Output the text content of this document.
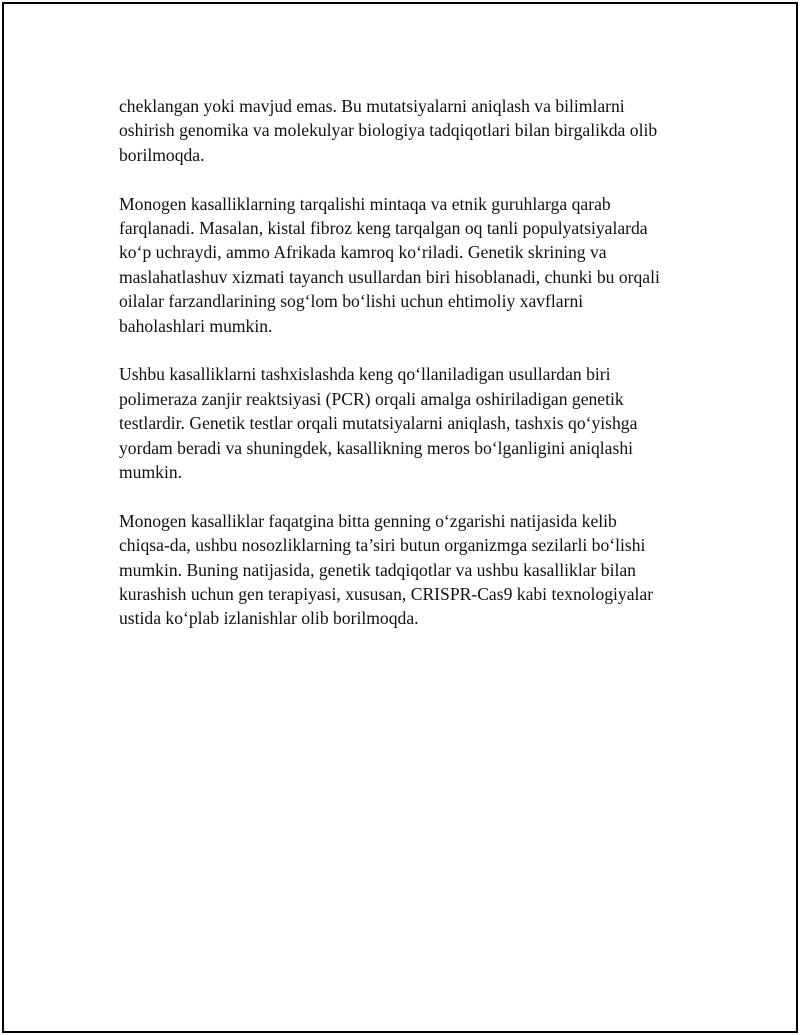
cheklangan yoki mavjud emas. Bu mutatsiyalarni aniqlash va bilimlarni
oshirish genomika va molekulyar biologiya tadqiqotlari bilan birgalikda olib
borilmoqda.

Monogen kasalliklarning tarqalishi mintaqa va etnik guruhlarga qarab
farqlanadi. Masalan, kistal fibroz keng tarqalgan oq tanli populyatsiyalarda
ko‘p uchraydi, ammo Afrikada kamroq ko‘riladi. Genetik skrining va
maslahatlashuv xizmati tayanch usullardan biri hisoblanadi, chunki bu orqali
oilalar farzandlarining sog‘lom bo‘lishi uchun ehtimoliy xavflarni
baholashlari mumkin.

Ushbu kasalliklarni tashxislashda keng qo‘llaniladigan usullardan biri
polimeraza zanjir reaktsiyasi (PCR) orqali amalga oshiriladigan genetik
testlardir. Genetik testlar orqali mutatsiyalarni aniqlash, tashxis qo‘yishga
yordam beradi va shuningdek, kasallikning meros bo‘lganligini aniqlashi
mumkin.

Monogen kasalliklar faqatgina bitta genning o‘zgarishi natijasida kelib
chiqsa-da, ushbu nosozliklarning ta’siri butun organizmga sezilarli bo‘lishi
mumkin. Buning natijasida, genetik tadqiqotlar va ushbu kasalliklar bilan
kurashish uchun gen terapiyasi, xususan, CRISPR-Cas9 kabi texnologiyalar
ustida ko‘plab izlanishlar olib borilmoqda.
